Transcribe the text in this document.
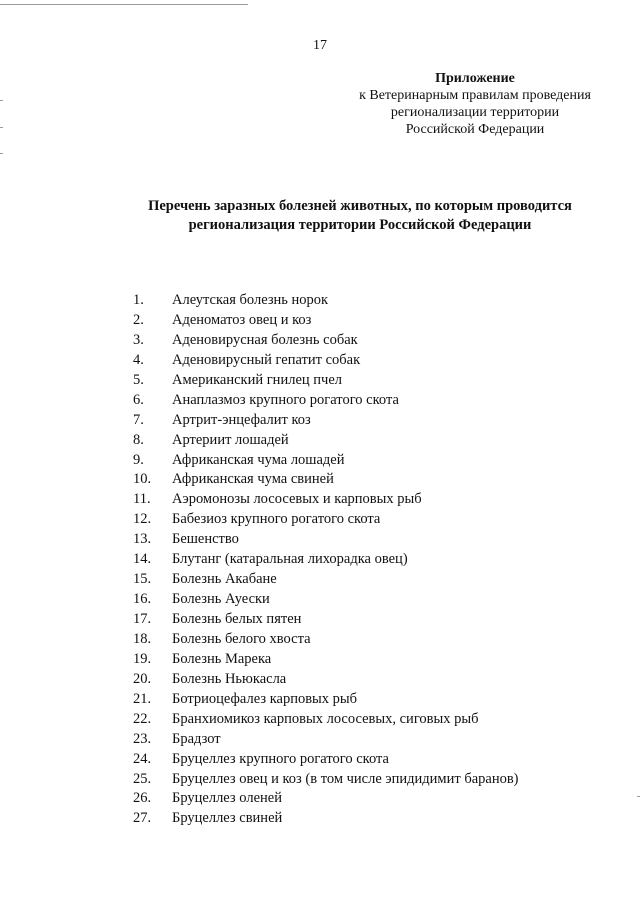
17
Приложение
к Ветеринарным правилам проведения
регионализации территории
Российской Федерации
Перечень заразных болезней животных, по которым проводится
регионализация территории Российской Федерации
1. Алеутская болезнь норок
2. Аденоматоз овец и коз
3. Аденовирусная болезнь собак
4. Аденовирусный гепатит собак
5. Американский гнилец пчел
6. Анаплазмоз крупного рогатого скота
7. Артрит-энцефалит коз
8. Артериит лошадей
9. Африканская чума лошадей
10. Африканская чума свиней
11. Аэромонозы лососевых и карповых рыб
12. Бабезиоз крупного рогатого скота
13. Бешенство
14. Блутанг (катаральная лихорадка овец)
15. Болезнь Акабане
16. Болезнь Ауески
17. Болезнь белых пятен
18. Болезнь белого хвоста
19. Болезнь Марека
20. Болезнь Ньюкасла
21. Ботриоцефалез карповых рыб
22. Бранхиомикоз карповых лососевых, сиговых рыб
23. Брадзот
24. Бруцеллез крупного рогатого скота
25. Бруцеллез овец и коз (в том числе эпидидимит баранов)
26. Бруцеллез оленей
27. Бруцеллез свиней
